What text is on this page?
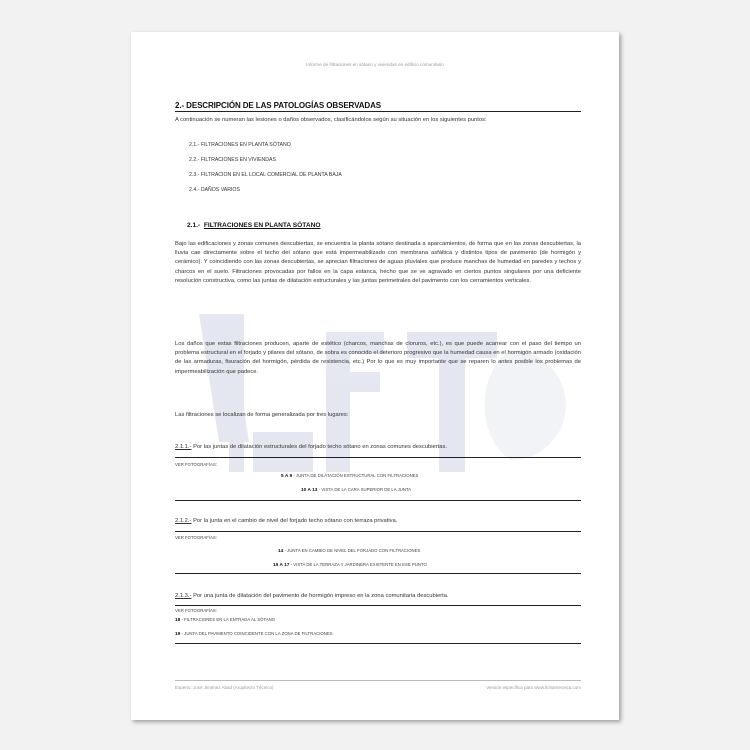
Informe de filtraciones en sótano y viviendas en edificio comunitario
2.- DESCRIPCIÓN DE LAS PATOLOGÍAS OBSERVADAS
A continuación se numeran las lesiones o daños observados, clasificándolos según su situación en los siguientes puntos:
2.1.- FILTRACIONES EN PLANTA SÓTANO
2.2.- FILTRACIONES EN VIVIENDAS
2.3.- FILTRACION EN EL LOCAL COMERCIAL DE PLANTA BAJA
2.4.- DAÑOS VARIOS
2.1.- FILTRACIONES EN PLANTA SÓTANO
Bajo las edificaciones y zonas comunes descubiertas, se encuentra la planta sótano destinada a aparcamientos, de forma que en las zonas descubiertas, la lluvia cae directamente sobre el techo del sótano que está impermeabilizado con membrana asfáltica y distintos tipos de pavimento (de hormigón y cerámico). Y coincidiendo con las zonas descubiertas, se aprecian filtraciones de aguas pluviales que produce manchas de humedad en paredes y techos y charcos en el suelo. Filtraciones provocadas por fallos en la capa estanca, hecho que se ve agravado en ciertos puntos singulares por una deficiente resolución constructiva, como las juntas de dilatación estructurales y las juntas perimetrales del pavimento con los cerramientos verticales.
Los daños que estas filtraciones producen, aparte de estético (charcos, manchas de cloruros, etc.), es que puede acarrear con el paso del tiempo un problema estructural en el forjado y pilares del sótano, de sobra es conocido el deterioro progresivo que la humedad causa en el hormigón armado (oxidación de las armaduras, fisuración del hormigón, pérdida de resistencia, etc.) Por lo que es muy importante que se reparen lo antes posible los problemas de impermeabilización que padece.
Las filtraciones se localizan de forma generalizada por tres lugares:
2.1.1.- Por las juntas de dilatación estructurales del forjado techo sótano en zonas comunes descubiertas.
VER FOTOGRAFÍAS:
5 A 9 - JUNTA DE DILATACIÓN ESTRUCTURAL CON FILTRACIONES
10 A 13 - VISTA DE LA CARA SUPERIOR DE LA JUNTA
2.1.2.- Por la junta en el cambio de nivel del forjado techo sótano con terraza privativa.
VER FOTOGRAFÍAS:
14 - JUNTA EN CAMBIO DE NIVEL DEL FORJADO CON FILTRACIONES
15 A 17 - VISTA DE LA TERRAZA Y JARDINERA EXISTENTE EN ESE PUNTO
2.1.3.- Por una junta de dilatación del pavimento de hormigón impreso en la zona comunitaria descubierta.
VER FOTOGRAFÍAS:
18 - FILTRACIONES EN LA ENTRADA AL SÓTANO
19 - JUNTA DEL PAVIMENTO COINCIDENTE CON LA ZONA DE FILTRACIONES
Experto: José Jiménez Abad (Arquitecto Técnico)	Versión específica para www.fichamecnica.com
